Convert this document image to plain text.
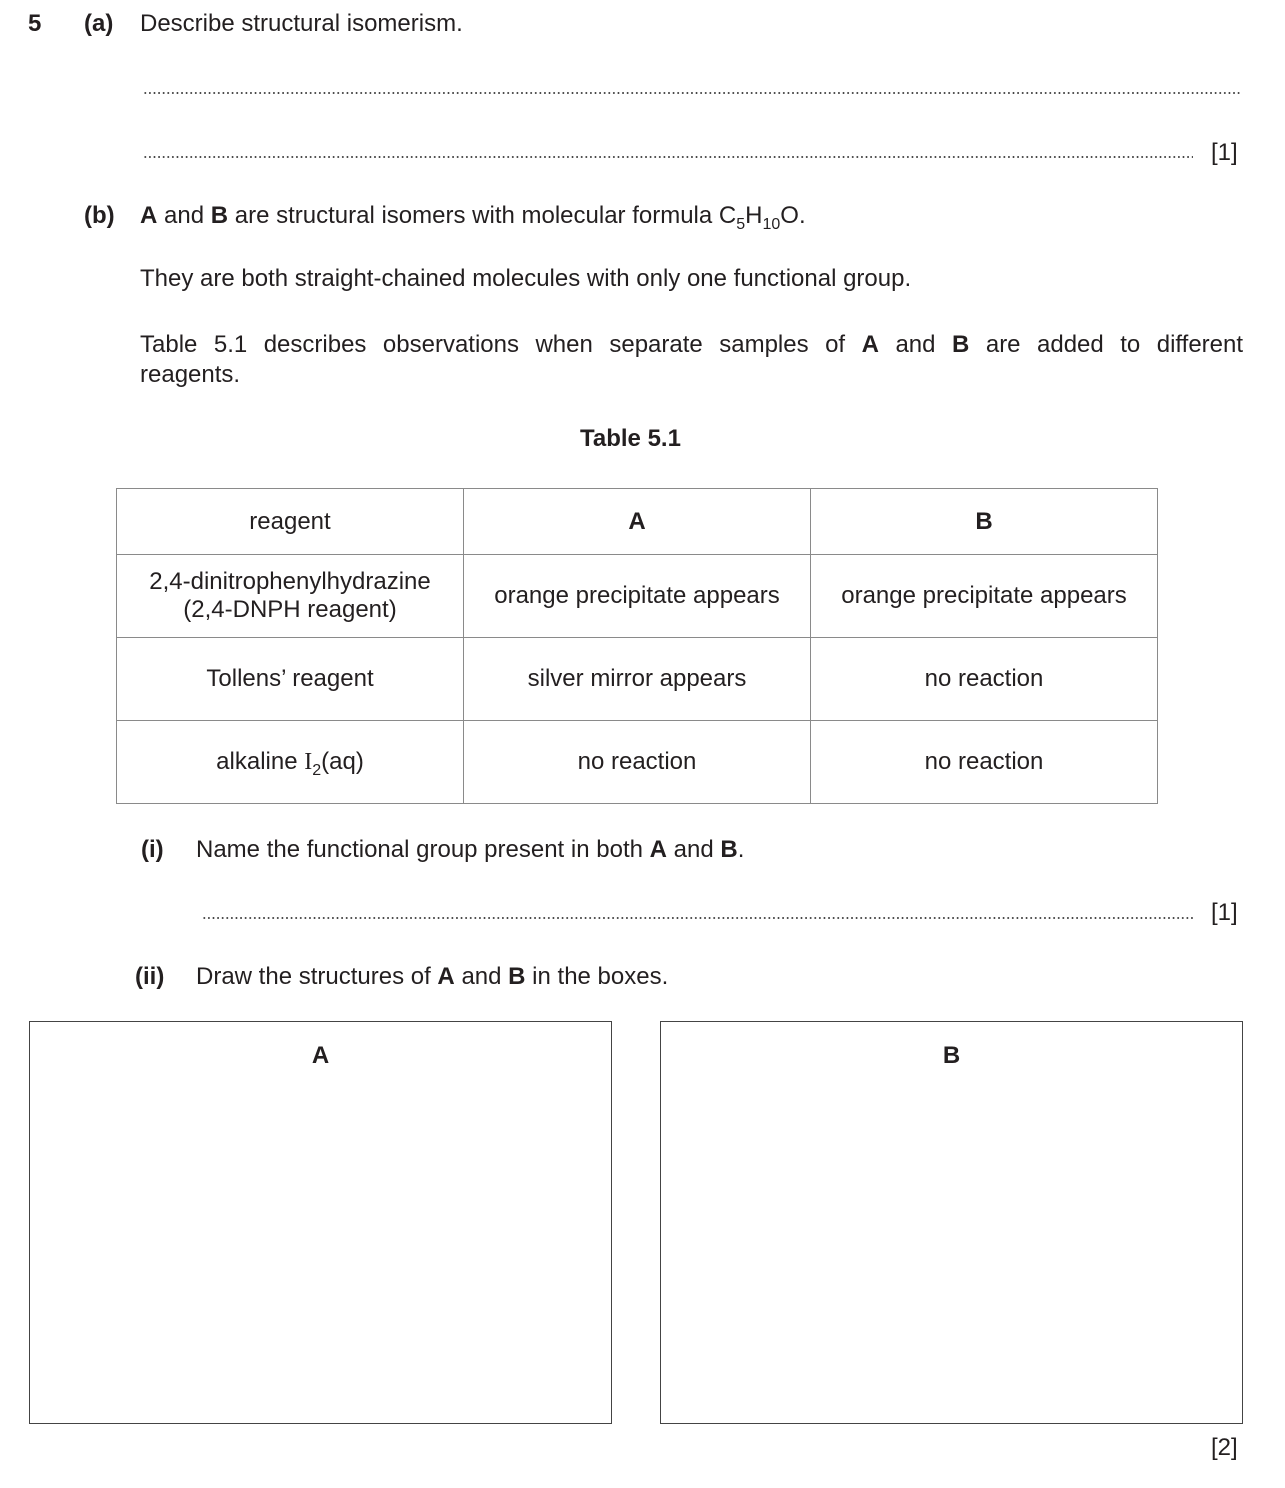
5 (a) Describe structural isomerism.
[1]
(b) A and B are structural isomers with molecular formula $C_5H_{10}O$.
They are both straight-chained molecules with only one functional group.
Table 5.1 describes observations when separate samples of A and B are added to different
reagents.
Table 5.1
reagent	A	B

2,4-dinitrophenylhydrazine
(2,4-DNPH reagent)	orange precipitate appears	orange precipitate appears
Tollens’ reagent	silver mirror appears	no reaction
alkaline $I_2(aq)$	no reaction	no reaction
(i) Name the functional group present in both A and B.
[1]
(ii) Draw the structures of A and B in the boxes.
A	B
[2]
